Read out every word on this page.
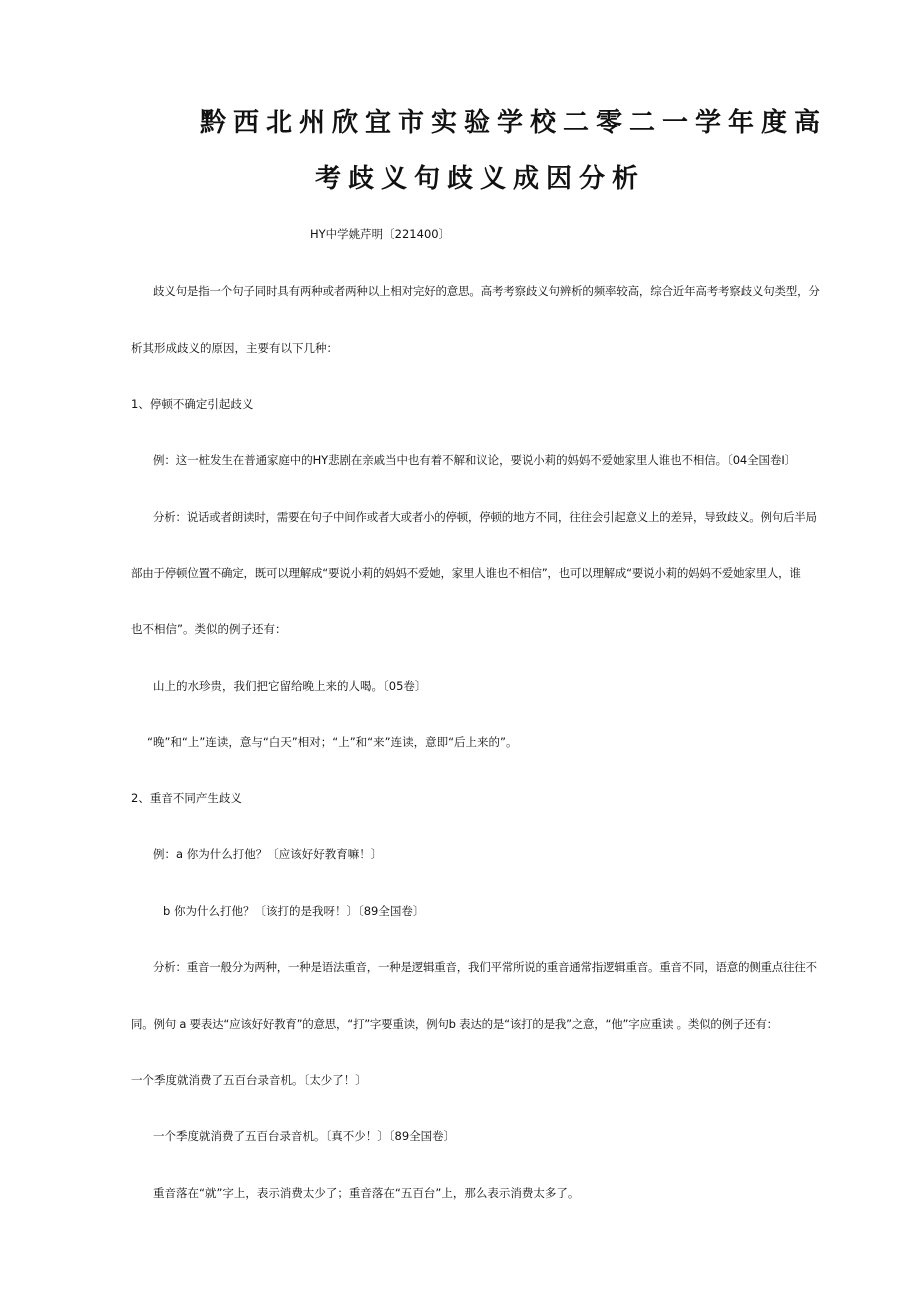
黔西北州欣宜市实验学校二零二一学年度高
考歧义句歧义成因分析
HY中学姚芹明〔221400〕
歧义句是指一个句子同时具有两种或者两种以上相对完好的意思。高考考察歧义句辨析的频率较高，综合近年高考考察歧义句类型，分
析其形成歧义的原因，主要有以下几种：
1、停顿不确定引起歧义
例：这一桩发生在普通家庭中的HY悲剧在亲戚当中也有着不解和议论，要说小莉的妈妈不爱她家里人谁也不相信。〔04全国卷Ⅰ〕
分析：说话或者朗读时，需要在句子中间作或者大或者小的停顿，停顿的地方不同，往往会引起意义上的差异，导致歧义。例句后半局
部由于停顿位置不确定，既可以理解成“要说小莉的妈妈不爱她，家里人谁也不相信”，也可以理解成“要说小莉的妈妈不爱她家里人，谁
也不相信”。类似的例子还有：
山上的水珍贵，我们把它留给晚上来的人喝。〔05卷〕
“晚”和“上”连读，意与“白天”相对；“上”和“来”连读，意即“后上来的”。
2、重音不同产生歧义
例：a 你为什么打他？〔应该好好教育嘛！〕
b 你为什么打他？〔该打的是我呀！〕〔89全国卷〕
分析：重音一般分为两种，一种是语法重音，一种是逻辑重音，我们平常所说的重音通常指逻辑重音。重音不同，语意的侧重点往往不
同。例句 a 要表达“应该好好教育”的意思，“打”字要重读，例句b 表达的是“该打的是我”之意，“他”字应重读 。类似的例子还有：
一个季度就消费了五百台录音机。〔太少了！〕
一个季度就消费了五百台录音机。〔真不少！〕〔89全国卷〕
重音落在“就”字上，表示消费太少了；重音落在“五百台”上，那么表示消费太多了。
